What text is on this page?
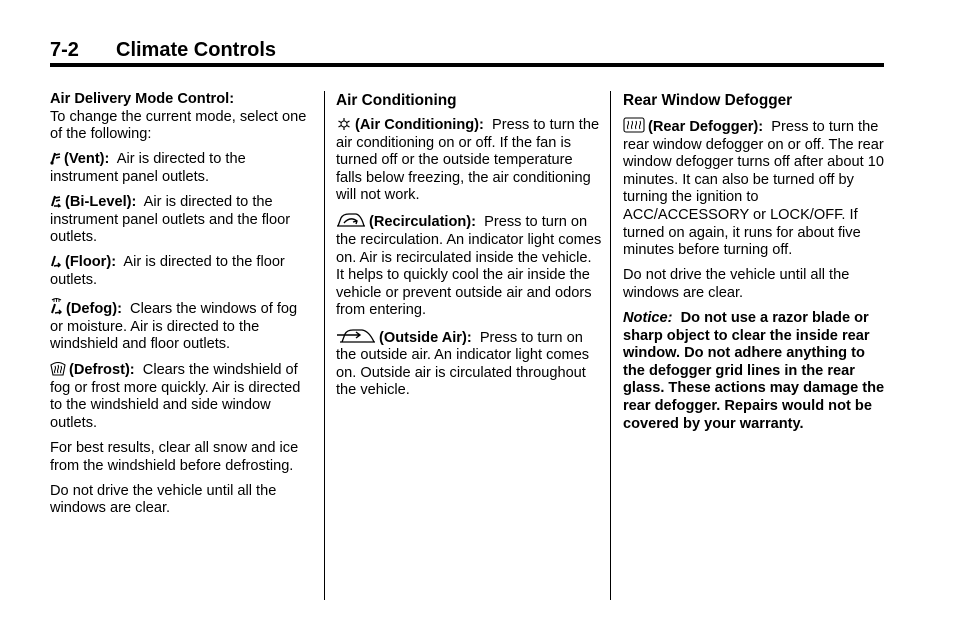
7-2 Climate Controls

Air Delivery Mode Control:
To change the current mode, select one of the following:

(Vent): Air is directed to the instrument panel outlets.

(Bi-Level): Air is directed to the instrument panel outlets and the floor outlets.

(Floor): Air is directed to the floor outlets.

(Defog): Clears the windows of fog or moisture. Air is directed to the windshield and floor outlets.

(Defrost): Clears the windshield of fog or frost more quickly. Air is directed to the windshield and side window outlets.

For best results, clear all snow and ice from the windshield before defrosting.

Do not drive the vehicle until all the windows are clear.

Air Conditioning

(Air Conditioning): Press to turn the air conditioning on or off. If the fan is turned off or the outside temperature falls below freezing, the air conditioning will not work.

(Recirculation): Press to turn on the recirculation. An indicator light comes on. Air is recirculated inside the vehicle. It helps to quickly cool the air inside the vehicle or prevent outside air and odors from entering.

(Outside Air): Press to turn on the outside air. An indicator light comes on. Outside air is circulated throughout the vehicle.

Rear Window Defogger

(Rear Defogger): Press to turn the rear window defogger on or off. The rear window defogger turns off after about 10 minutes. It can also be turned off by turning the ignition to ACC/ACCESSORY or LOCK/OFF. If turned on again, it runs for about five minutes before turning off.

Do not drive the vehicle until all the windows are clear.

Notice: Do not use a razor blade or sharp object to clear the inside rear window. Do not adhere anything to the defogger grid lines in the rear glass. These actions may damage the rear defogger. Repairs would not be covered by your warranty.
